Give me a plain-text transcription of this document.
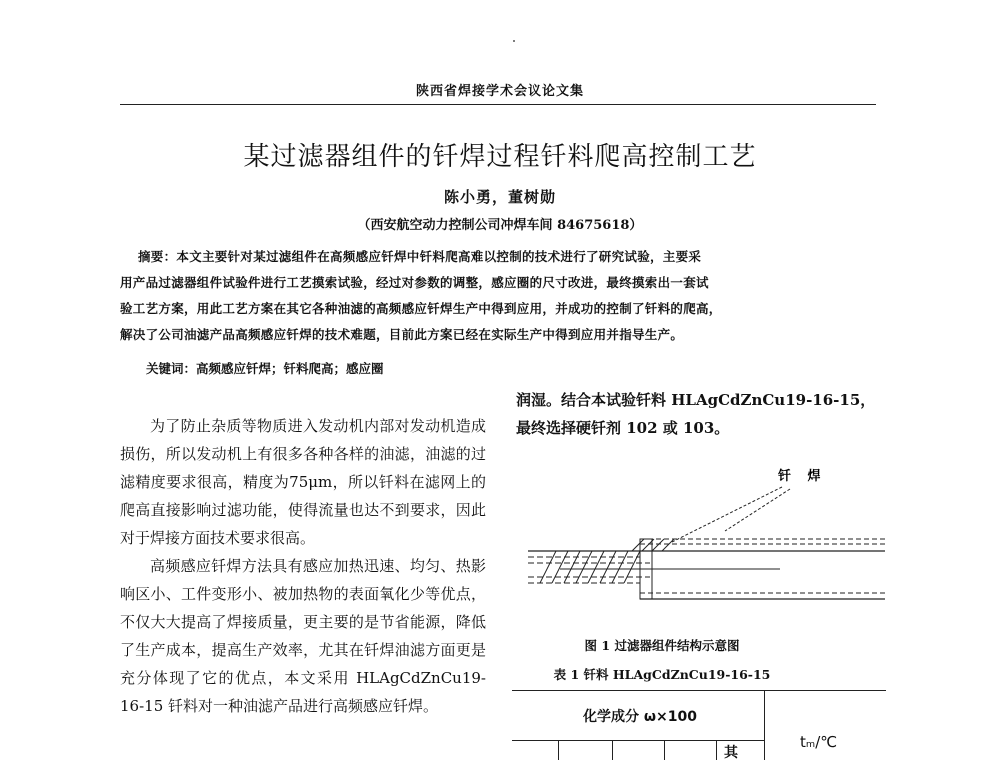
陕西省焊接学术会议论文集
某过滤器组件的钎焊过程钎料爬高控制工艺
陈小勇，董树勋
（西安航空动力控制公司冲焊车间 84675618）

摘要：本文主要针对某过滤组件在高频感应钎焊中钎料爬高难以控制的技术进行了研究试验，主要采

用产品过滤器组件试验件进行工艺摸索试验，经过对参数的调整，感应圈的尺寸改进，最终摸索出一套试

验工艺方案，用此工艺方案在其它各种油滤的高频感应钎焊生产中得到应用，并成功的控制了钎料的爬高，

解决了公司油滤产品高频感应钎焊的技术难题，目前此方案已经在实际生产中得到应用并指导生产。

关键词：高频感应钎焊；钎料爬高；感应圈

为了防止杂质等物质进入发动机内部对发动机造成损伤，所以发动机上有很多各种各样的油滤，油滤的过滤精度要求很高，精度为75μm，所以钎料在滤网上的爬高直接影响过滤功能，使得流量也达不到要求，因此对于焊接方面技术要求很高。

高频感应钎焊方法具有感应加热迅速、均匀、热影响区小、工件变形小、被加热物的表面氧化少等优点，不仅大大提高了焊接质量，更主要的是节省能源，降低了生产成本，提高生产效率，尤其在钎焊油滤方面更是充分体现了它的优点，本文采用 HLAgCdZnCu19-16-15 钎料对一种油滤产品进行高频感应钎焊。

润湿。结合本试验钎料 HLAgCdZnCu19-16-15，

最终选择硬钎剂 102 或 103。

钎 焊
图 1 过滤器组件结构示意图
表 1 钎料 HLAgCdZnCu19-16-15
化学成分 ω×100
其
tₘ/℃
